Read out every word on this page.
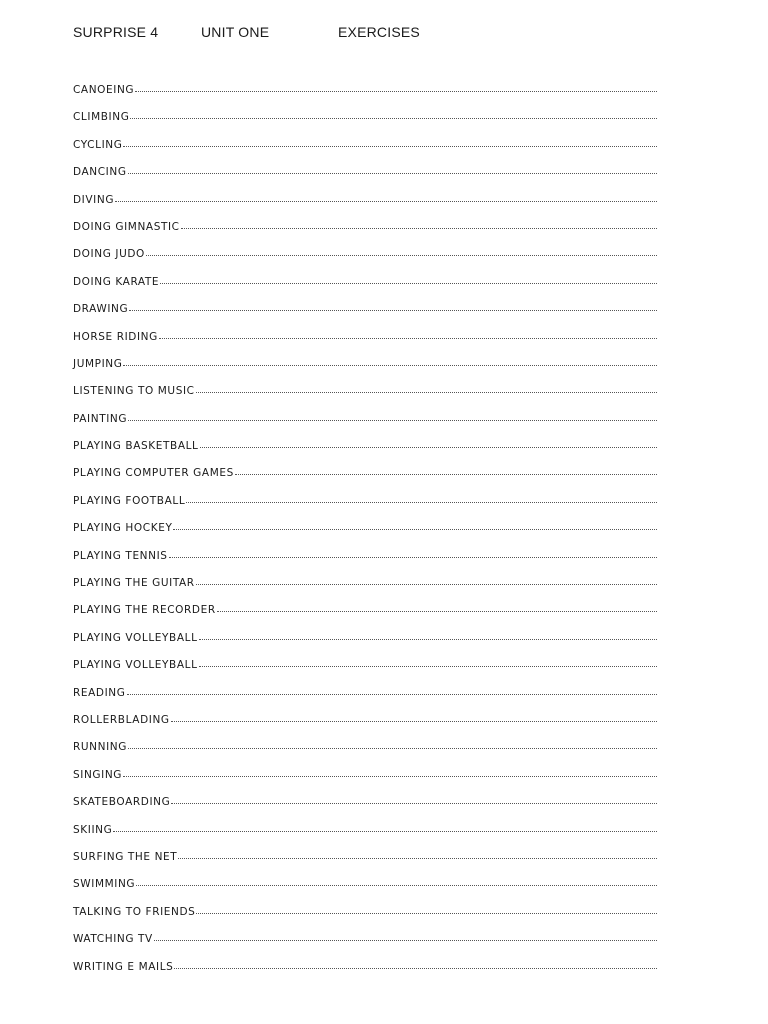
SURPRISE 4	UNIT ONE	EXERCISES
CANOEING
CLIMBING
CYCLING
DANCING
DIVING
DOING GIMNASTIC
DOING JUDO
DOING KARATE
DRAWING
HORSE RIDING
JUMPING
LISTENING TO MUSIC
PAINTING
PLAYING BASKETBALL
PLAYING COMPUTER GAMES
PLAYING FOOTBALL
PLAYING HOCKEY
PLAYING TENNIS
PLAYING THE GUITAR
PLAYING THE RECORDER
PLAYING VOLLEYBALL
PLAYING VOLLEYBALL
READING
ROLLERBLADING
RUNNING
SINGING
SKATEBOARDING
SKIING
SURFING THE NET
SWIMMING
TALKING TO FRIENDS
WATCHING TV
WRITING E MAILS
